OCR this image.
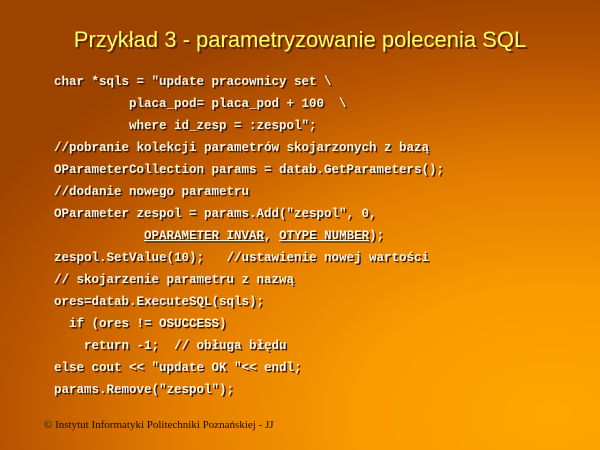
Przykład 3 - parametryzowanie polecenia SQL
char *sqls = "update pracownicy set \
placa_pod= placa_pod + 100  \
where id_zesp = :zespol";
//pobranie kolekcji parametrów skojarzonych z bazą
OParameterCollection params = datab.GetParameters();
//dodanie nowego parametru
OParameter zespol = params.Add("zespol", 0,
OPARAMETER_INVAR, OTYPE_NUMBER);
zespol.SetValue(10);   //ustawienie nowej wartości
// skojarzenie parametru z nazwą
ores=datab.ExecuteSQL(sqls);
if (ores != OSUCCESS)
return -1;  // obługa błędu
else cout << "update OK "<< endl;
params.Remove("zespol");

© Instytut Informatyki Politechniki Poznańskiej - JJ
